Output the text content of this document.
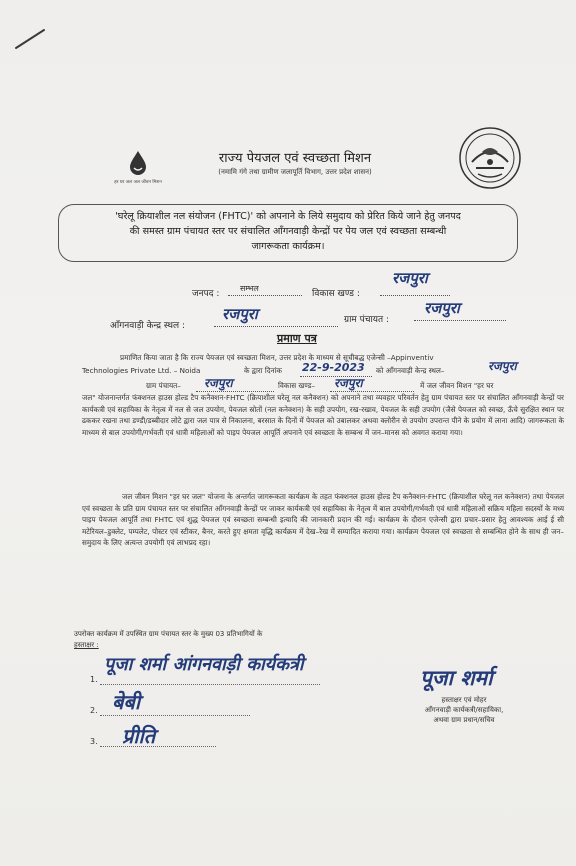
हर घर जल जल जीवन मिशन
राज्य पेयजल एवं स्वच्छता मिशन
(नमामि गंगे तथा ग्रामीण जलापूर्ति विभाग, उत्तर प्रदेश शासन)
'घरेलू क्रियाशील नल संयोजन (FHTC)' को अपनाने के लिये समुदाय को प्रेरित किये जाने हेतु जनपद
की समस्त ग्राम पंचायत स्तर पर संचालित आँगनवाड़ी केन्द्रों पर पेय जल एवं स्वच्छता सम्बन्धी
जागरूकता कार्यक्रम।
जनपद :
सम्भल
विकास खण्ड :
रजपुरा
आँगनवाड़ी केन्द्र स्थल :
रजपुरा	ग्राम पंचायत :
रजपुरा
प्रमाण पत्र
प्रमाणित किया जाता है कि राज्य पेयजल एवं स्वच्छता मिशन, उत्तर प्रदेश के माध्यम से सूचीबद्ध एजेन्सी –Appinventiv
Technologies Private Ltd. – Noida	के द्वारा दिनांक	22-9-2023 को आँगनवाड़ी केन्द्र स्थल–	रजपुरा
ग्राम पंचायत–	रजपुरा	विकास खण्ड–	रजपुरा	में जल जीवन मिशन "हर घर
जल" योजनान्तर्गत फंक्शनल हाउस होल्ड टैप कनैक्शन-FHTC (क्रियाशील घरेलू नल कनैक्शन) को अपनाने तथा व्यवहार परिवर्तन हेतु ग्राम पंचायत स्तर पर संचालित आँगनवाड़ी केन्द्रों पर कार्यकत्री एवं सहायिका के नेतृत्व में नल से जल उपयोग, पेयजल स्रोतों (नल कनेक्शन) के सही उपयोग, रख-रखाव, पेयजल के सही उपयोग (जैसे पेयजल को स्वच्छ, ऊँचे सुरक्षित स्थान पर ढककर रखना तथा डण्डी/डब्बीदार लोटे द्वारा जल पात्र से निकालना, बरसात के दिनों में पेयजल को उबालकर अथवा क्लोरीन से उपयोग उपरान्त पीने के प्रयोग में लाना आदि) जागरूकता के माध्यम से बाल उपयोगी/गर्भवती एवं धात्री महिलाओं को पाइप पेयजल आपूर्ति अपनाने एवं स्वच्छता के सम्बन्ध में जन–मानस को अवगत कराया गया।
जल जीवन मिशन "हर घर जल" योजना के अन्तर्गत जागरूकता कार्यक्रम के तहत फंक्शनल हाउस होल्ड टैप कनैक्शन-FHTC (क्रियाशील घरेलू नल कनेक्शन) तथा पेयजल एवं स्वच्छता के प्रति ग्राम पंचायत स्तर पर संचालित आँगनवाड़ी केन्द्रों पर जाकर कार्यकत्री एवं सहायिका के नेतृत्व में बाल उपयोगी/गर्भवती एवं धात्री महिलाओं सक्रिय महिला सदस्यों के मध्य पाइप पेयजल आपूर्ति तथा FHTC एवं शुद्ध पेयजल एवं स्वच्छता सम्बन्धी इत्यादि की जानकारी प्रदान की गई। कार्यक्रम के दौरान एजेन्सी द्वारा प्रचार–प्रसार हेतु आवश्यक आई ई सी मटेरियल–डुक्लेट, पम्पलेट, पोस्टर एवं स्टीकर, बैनर, करते हुए क्षमता वृद्धि कार्यक्रम में देख–रेख में सम्पादित कराया गया। कार्यक्रम पेयजल एवं स्वच्छता से सम्बन्धित होने के साथ ही जन–समुदाय के लिए अत्यन्त उपयोगी एवं लाभप्रद रहा।
उपरोक्त कार्यक्रम में उपस्थित ग्राम पंचायत स्तर के मुख्य 03 प्रतिभागियों के
हस्ताक्षर :
1.
पूजा शर्मा आंगनवाड़ी कार्यकत्री
2. बेबी
3. प्रीति
पूजा शर्मा
हस्ताक्षर एवं मोहर
आँगनवाड़ी कार्यकत्री/सहायिका,
अथवा ग्राम प्रधान/सचिव
